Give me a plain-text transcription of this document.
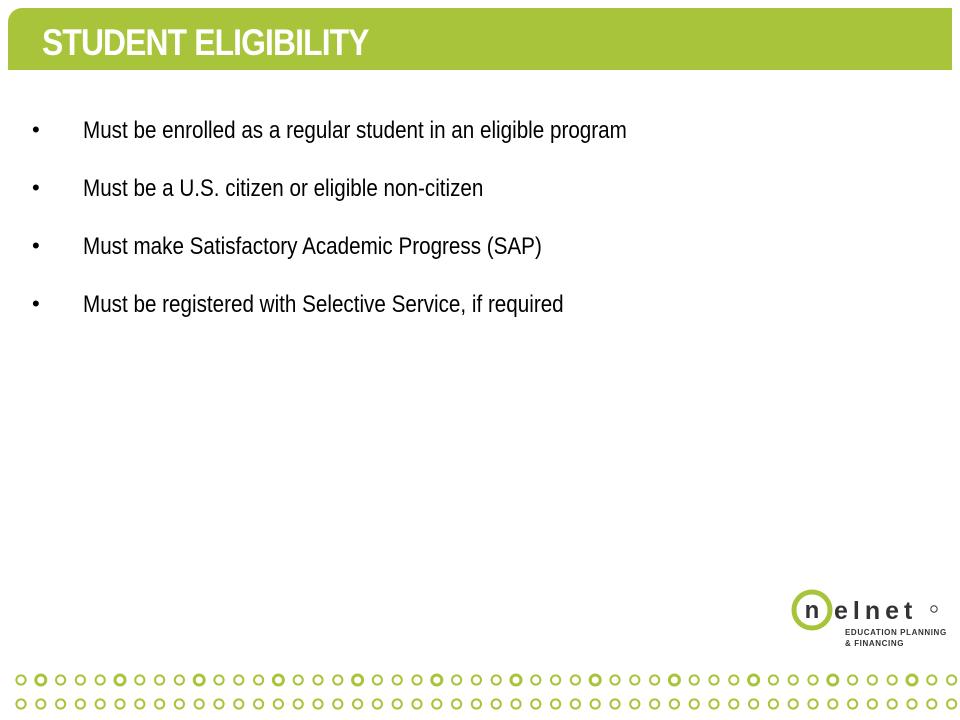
STUDENT ELIGIBILITY
• Must be enrolled as a regular student in an eligible program
• Must be a U.S. citizen or eligible non-citizen
• Must make Satisfactory Academic Progress (SAP)
• Must be registered with Selective Service, if required
n elnet
EDUCATION PLANNING
& FINANCING
